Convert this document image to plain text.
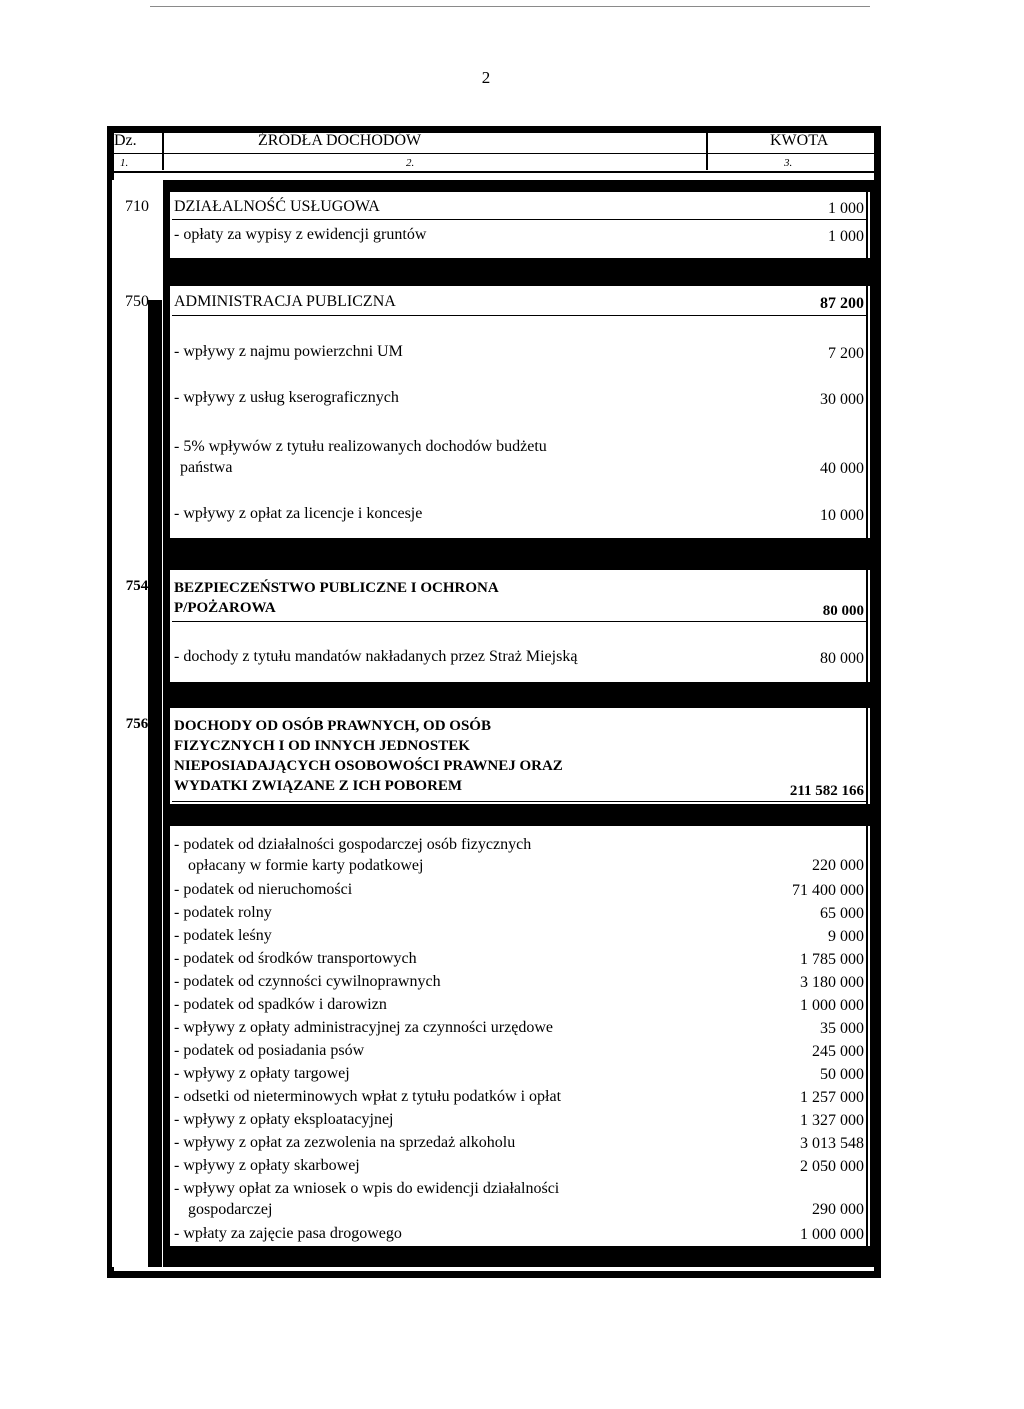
2
Dz.	ŹRÓDŁA DOCHODÓW	KWOTA
1.	2.	3.
710	DZIAŁALNOŚĆ USŁUGOWA	1 000
- opłaty za wypisy z ewidencji gruntów	1 000
750	ADMINISTRACJA PUBLICZNA	87 200
- wpływy z najmu powierzchni UM	7 200
- wpływy z usług kserograficznych	30 000
- 5% wpływów z tytułu realizowanych dochodów budżetu
państwa	40 000
- wpływy z opłat za licencje i koncesje	10 000
754	BEZPIECZEŃSTWO PUBLICZNE I OCHRONA
P/POŻAROWA	80 000
- dochody z tytułu mandatów nakładanych przez Straż Miejską	80 000
756	DOCHODY OD OSÓB PRAWNYCH, OD OSÓB
FIZYCZNYCH I OD INNYCH JEDNOSTEK
NIEPOSIADAJĄCYCH OSOBOWOŚCI PRAWNEJ ORAZ
WYDATKI ZWIĄZANE Z ICH POBOREM	211 582 166
- podatek od działalności gospodarczej osób fizycznych
opłacany w formie karty podatkowej	220 000
- podatek od nieruchomości	71 400 000
- podatek rolny	65 000
- podatek leśny	9 000
- podatek od środków transportowych	1 785 000
- podatek od czynności cywilnoprawnych	3 180 000
- podatek od spadków i darowizn	1 000 000
- wpływy z opłaty administracyjnej za czynności urzędowe	35 000
- podatek od posiadania psów	245 000
- wpływy z opłaty targowej	50 000
- odsetki od nieterminowych wpłat z tytułu podatków i opłat	1 257 000
- wpływy z opłaty eksploatacyjnej	1 327 000
- wpływy z opłat za zezwolenia na sprzedaż alkoholu	3 013 548
- wpływy z opłaty skarbowej	2 050 000
- wpływy opłat za wniosek o wpis do ewidencji działalności
gospodarczej	290 000
- wpłaty za zajęcie pasa drogowego	1 000 000
